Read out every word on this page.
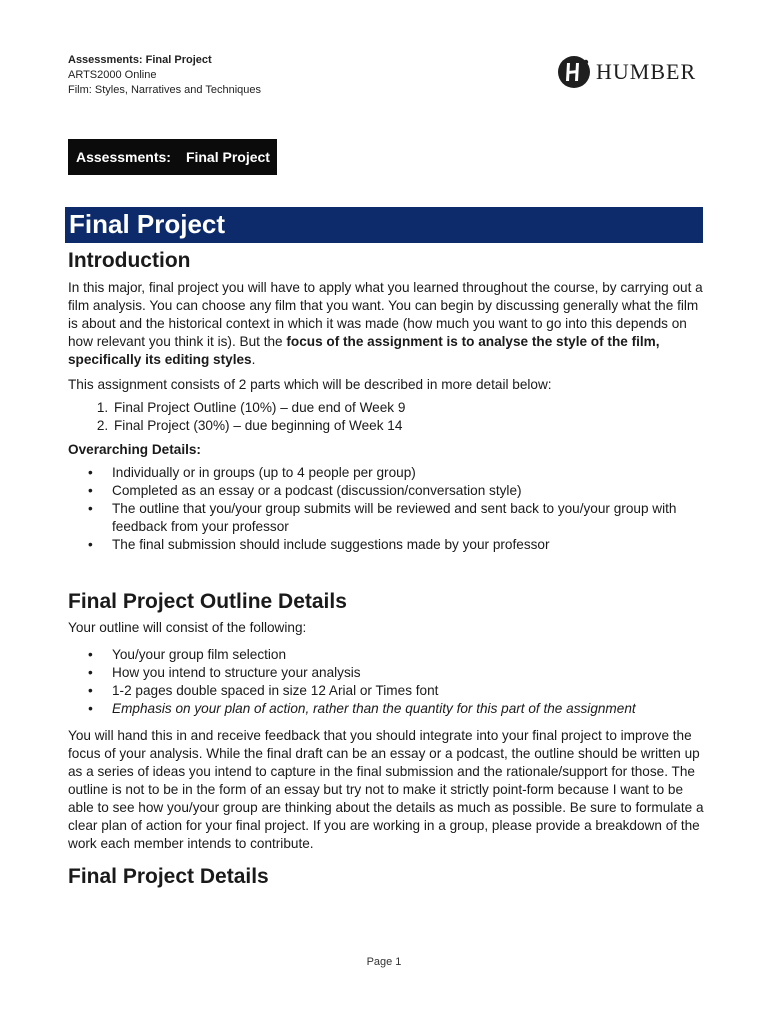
Assessments: Final Project
ARTS2000 Online
Film: Styles, Narratives and Techniques
HUMBER
Assessments: Final Project
Final Project
Introduction

In this major, final project you will have to apply what you learned throughout the course, by carrying out a film analysis. You can choose any film that you want. You can begin by discussing generally what the film is about and the historical context in which it was made (how much you want to go into this depends on how relevant you think it is). But the focus of the assignment is to analyse the style of the film, specifically its editing styles.

This assignment consists of 2 parts which will be described in more detail below:

1. Final Project Outline (10%) – due end of Week 9
2. Final Project (30%) – due beginning of Week 14

Overarching Details:

• Individually or in groups (up to 4 people per group)
• Completed as an essay or a podcast (discussion/conversation style)
• The outline that you/your group submits will be reviewed and sent back to you/your group with feedback from your professor
• The final submission should include suggestions made by your professor
Final Project Outline Details

Your outline will consist of the following:

• You/your group film selection
• How you intend to structure your analysis
• 1-2 pages double spaced in size 12 Arial or Times font
• Emphasis on your plan of action, rather than the quantity for this part of the assignment

You will hand this in and receive feedback that you should integrate into your final project to improve the focus of your analysis. While the final draft can be an essay or a podcast, the outline should be written up as a series of ideas you intend to capture in the final submission and the rationale/support for those. The outline is not to be in the form of an essay but try not to make it strictly point-form because I want to be able to see how you/your group are thinking about the details as much as possible. Be sure to formulate a clear plan of action for your final project. If you are working in a group, please provide a breakdown of the work each member intends to contribute.

Final Project Details
Page 1
